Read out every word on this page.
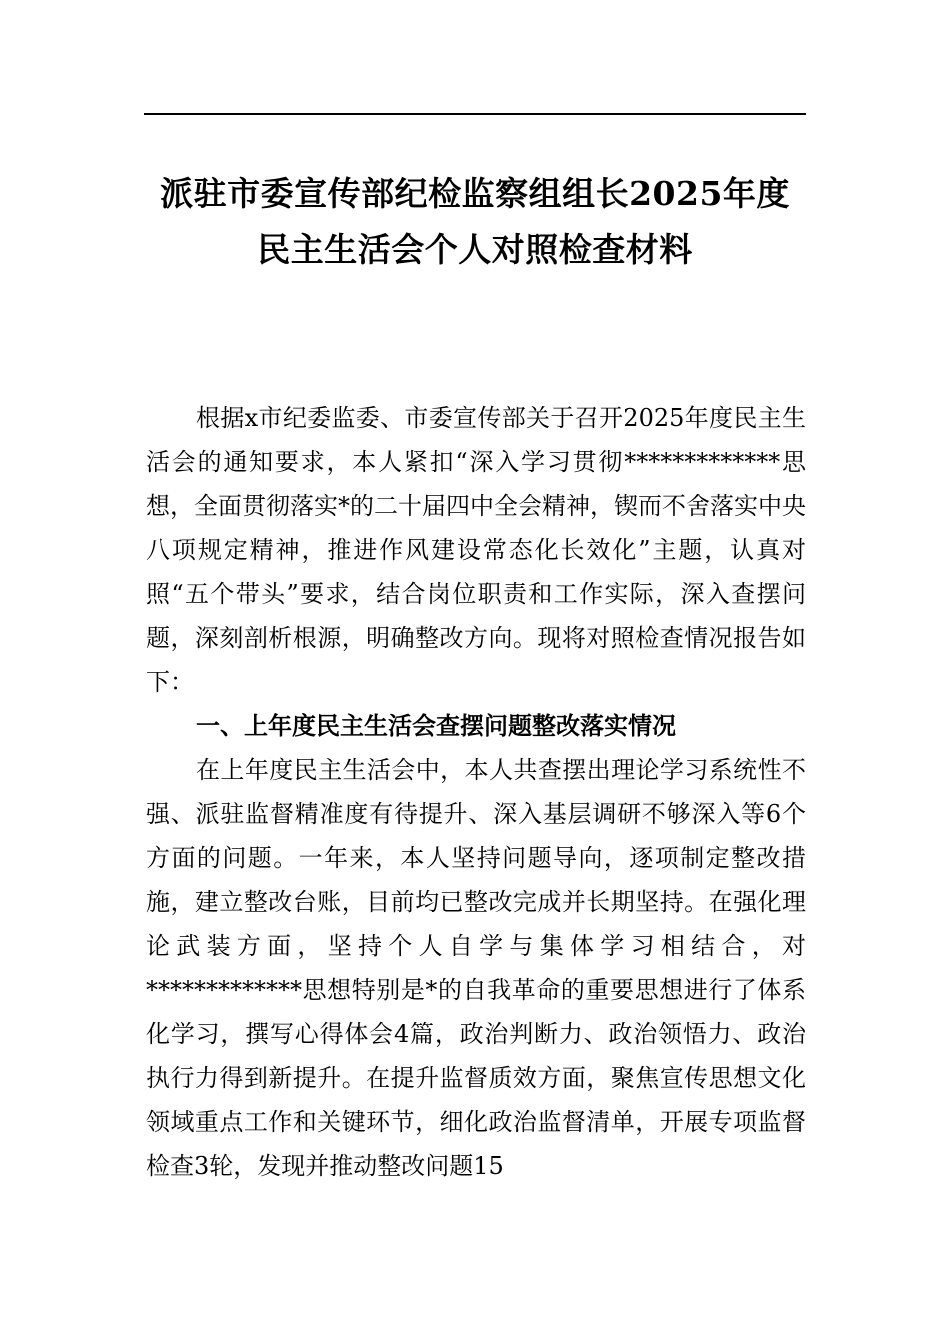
派驻市委宣传部纪检监察组组长2025年度
民主生活会个人对照检查材料

根据x市纪委监委、市委宣传部关于召开2025年度民主生活会的通知要求，本人紧扣“深入学习贯彻*************思想，全面贯彻落实*的二十届四中全会精神，锲而不舍落实中央八项规定精神，推进作风建设常态化长效化”主题，认真对照“五个带头”要求，结合岗位职责和工作实际，深入查摆问题，深刻剖析根源，明确整改方向。现将对照检查情况报告如下：

一、上年度民主生活会查摆问题整改落实情况

在上年度民主生活会中，本人共查摆出理论学习系统性不强、派驻监督精准度有待提升、深入基层调研不够深入等6个方面的问题。一年来，本人坚持问题导向，逐项制定整改措施，建立整改台账，目前均已整改完成并长期坚持。在强化理论武装方面，坚持个人自学与集体学习相结合，对*************思想特别是*的自我革命的重要思想进行了体系化学习，撰写心得体会4篇，政治判断力、政治领悟力、政治执行力得到新提升。在提升监督质效方面，聚焦宣传思想文化领域重点工作和关键环节，细化政治监督清单，开展专项监督检查3轮，发现并推动整改问题15
